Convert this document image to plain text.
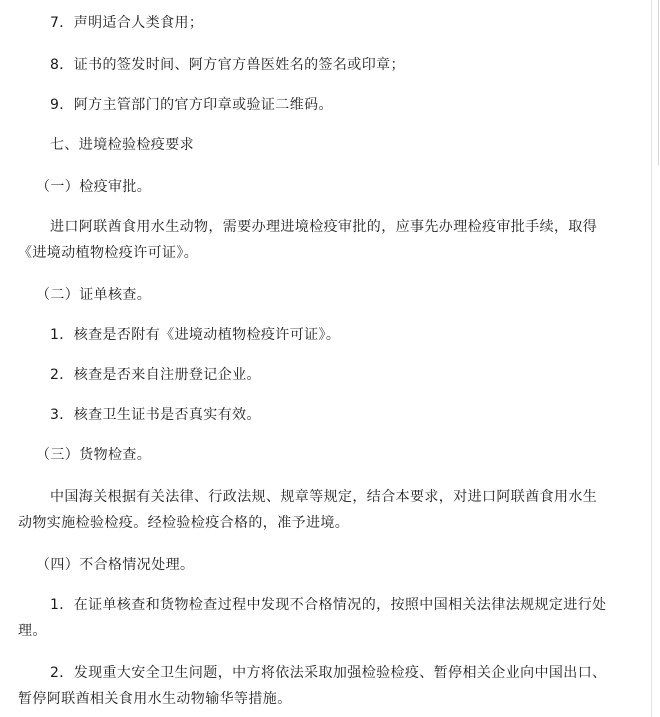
7．声明适合人类食用；
8．证书的签发时间、阿方官方兽医姓名的签名或印章；
9．阿方主管部门的官方印章或验证二维码。
七、进境检验检疫要求
（一）检疫审批。
进口阿联酋食用水生动物，需要办理进境检疫审批的，应事先办理检疫审批手续，取得
《进境动植物检疫许可证》。
（二）证单核查。
1．核查是否附有《进境动植物检疫许可证》。
2．核查是否来自注册登记企业。
3．核查卫生证书是否真实有效。
（三）货物检查。
中国海关根据有关法律、行政法规、规章等规定，结合本要求，对进口阿联酋食用水生
动物实施检验检疫。经检验检疫合格的，准予进境。
（四）不合格情况处理。
1．在证单核查和货物检查过程中发现不合格情况的，按照中国相关法律法规规定进行处
理。
2．发现重大安全卫生问题，中方将依法采取加强检验检疫、暂停相关企业向中国出口、
暂停阿联酋相关食用水生动物输华等措施。
